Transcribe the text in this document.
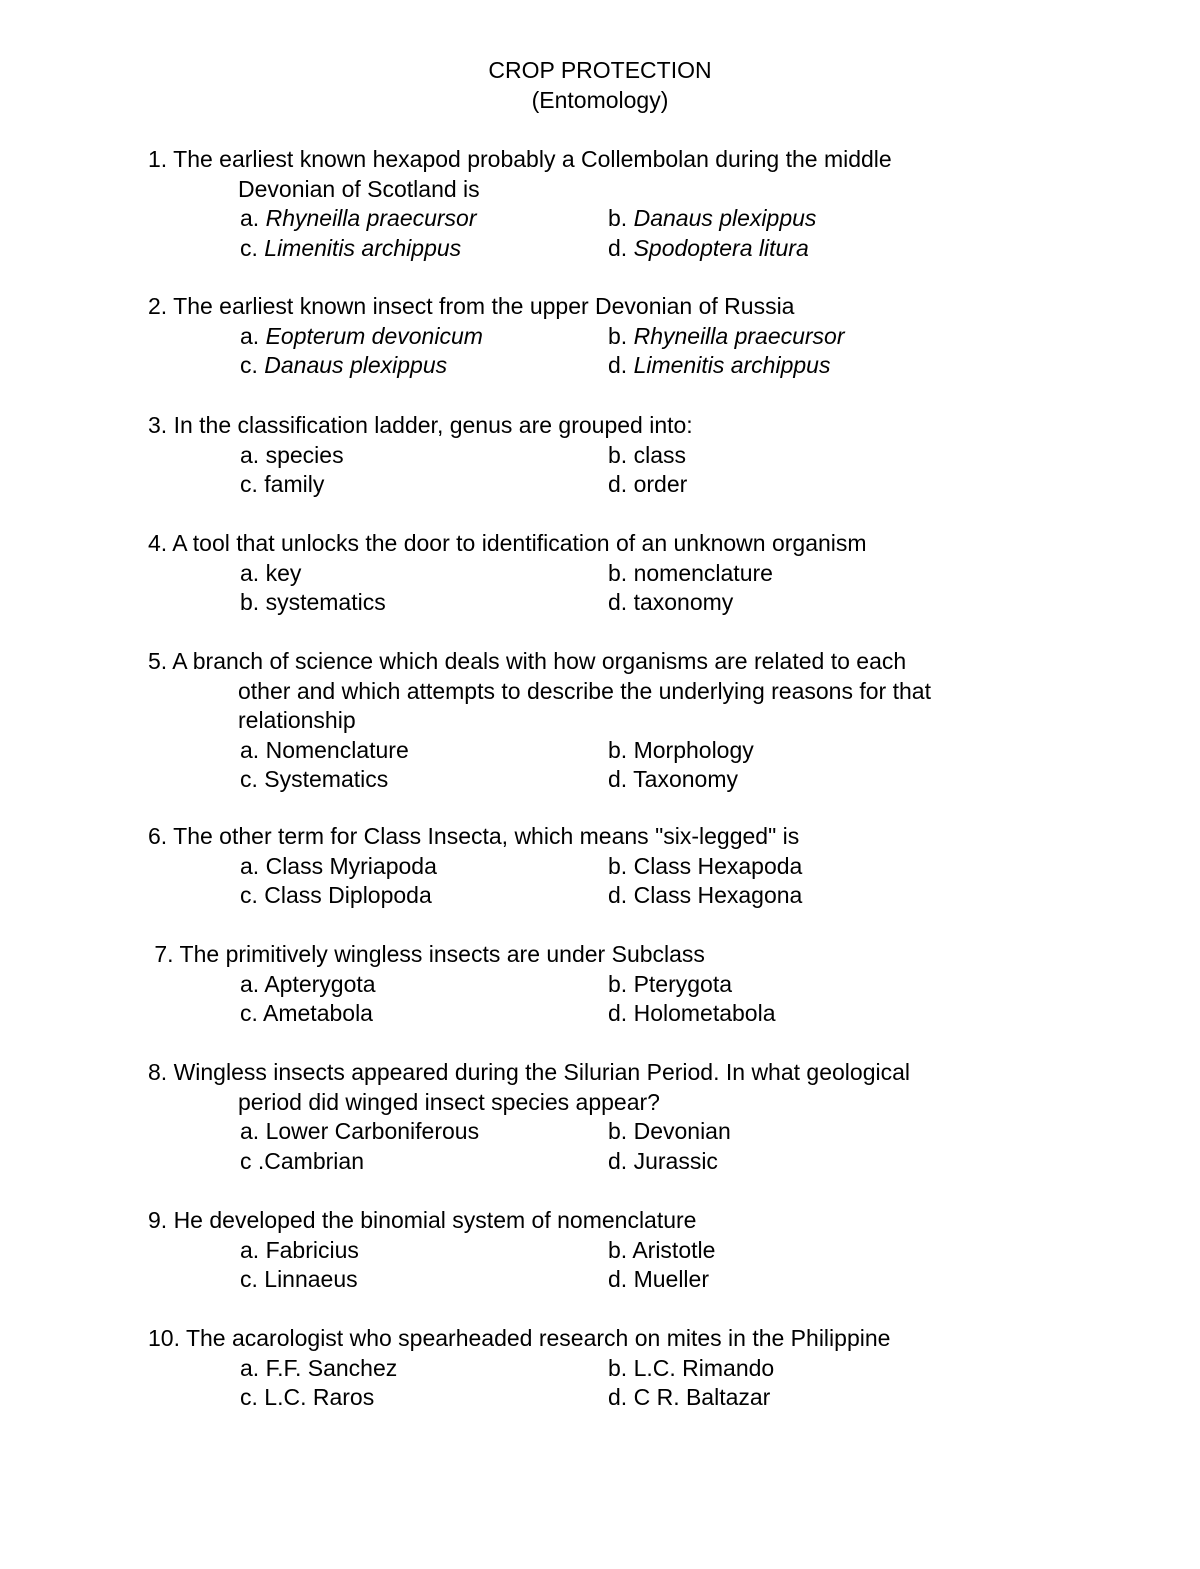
CROP PROTECTION
(Entomology)
1. The earliest known hexapod probably a Collembolan during the middle
Devonian of Scotland is
a. Rhyneilla praecursor	b. Danaus plexippus
c. Limenitis archippus	d. Spodoptera litura
2. The earliest known insect from the upper Devonian of Russia
a. Eopterum devonicum	b. Rhyneilla praecursor
c. Danaus plexippus	d. Limenitis archippus
3. In the classification ladder, genus are grouped into:
a. species	b. class
c. family	d. order
4. A tool that unlocks the door to identification of an unknown organism
a. key	b. nomenclature
b. systematics	d. taxonomy
5. A branch of science which deals with how organisms are related to each
other and which attempts to describe the underlying reasons for that
relationship
a. Nomenclature	b. Morphology
c. Systematics	d. Taxonomy
6. The other term for Class Insecta, which means "six-legged" is
a. Class Myriapoda	b. Class Hexapoda
c. Class Diplopoda	d. Class Hexagona
7. The primitively wingless insects are under Subclass
a. Apterygota	b. Pterygota
c. Ametabola	d. Holometabola
8. Wingless insects appeared during the Silurian Period. In what geological
period did winged insect species appear?
a. Lower Carboniferous	b. Devonian
c .Cambrian	d. Jurassic
9. He developed the binomial system of nomenclature
a. Fabricius	b. Aristotle
c. Linnaeus	d. Mueller
10. The acarologist who spearheaded research on mites in the Philippine
a. F.F. Sanchez	b. L.C. Rimando
c. L.C. Raros	d. C R. Baltazar
